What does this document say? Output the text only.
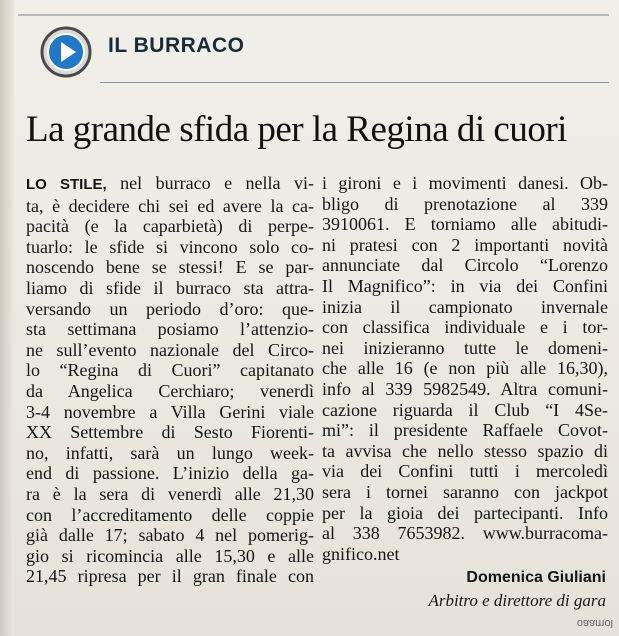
IL BURRACO
La grande sfida per la Regina di cuori
LO STILE, nel burraco e nella vi-
ta, è decidere chi sei ed avere la ca-
pacità (e la caparbietà) di perpe-
tuarlo: le sfide si vincono solo co-
noscendo bene se stessi! E se par-
liamo di sfide il burraco sta attra-
versando un periodo d’oro: que-
sta settimana posiamo l’attenzio-
ne sull’evento nazionale del Circo-
lo “Regina di Cuori” capitanato
da Angelica Cerchiaro; venerdì
3-4 novembre a Villa Gerini viale
XX Settembre di Sesto Fiorenti-
no, infatti, sarà un lungo week-
end di passione. L’inizio della ga-
ra è la sera di venerdì alle 21,30
con l’accreditamento delle coppie
già dalle 17; sabato 4 nel pomerig-
gio si ricomincia alle 15,30 e alle
21,45 ripresa per il gran finale con
i gironi e i movimenti danesi. Ob-
bligo di prenotazione al 339
3910061. E torniamo alle abitudi-
ni pratesi con 2 importanti novità
annunciate dal Circolo “Lorenzo
Il Magnifico”: in via dei Confini
inizia il campionato invernale
con classifica individuale e i tor-
nei inizieranno tutte le domeni-
che alle 16 (e non più alle 16,30),
info al 339 5982549. Altra comuni-
cazione riguarda il Club “I 4Se-
mi”: il presidente Raffaele Covot-
ta avvisa che nello stesso spazio di
via dei Confini tutti i mercoledì
sera i tornei saranno con jackpot
per la gioia dei partecipanti. Info
al 338 7653982. www.burracoma-
gnifico.net
Domenica Giuliani
Arbitro e direttore di gara
oaamol
